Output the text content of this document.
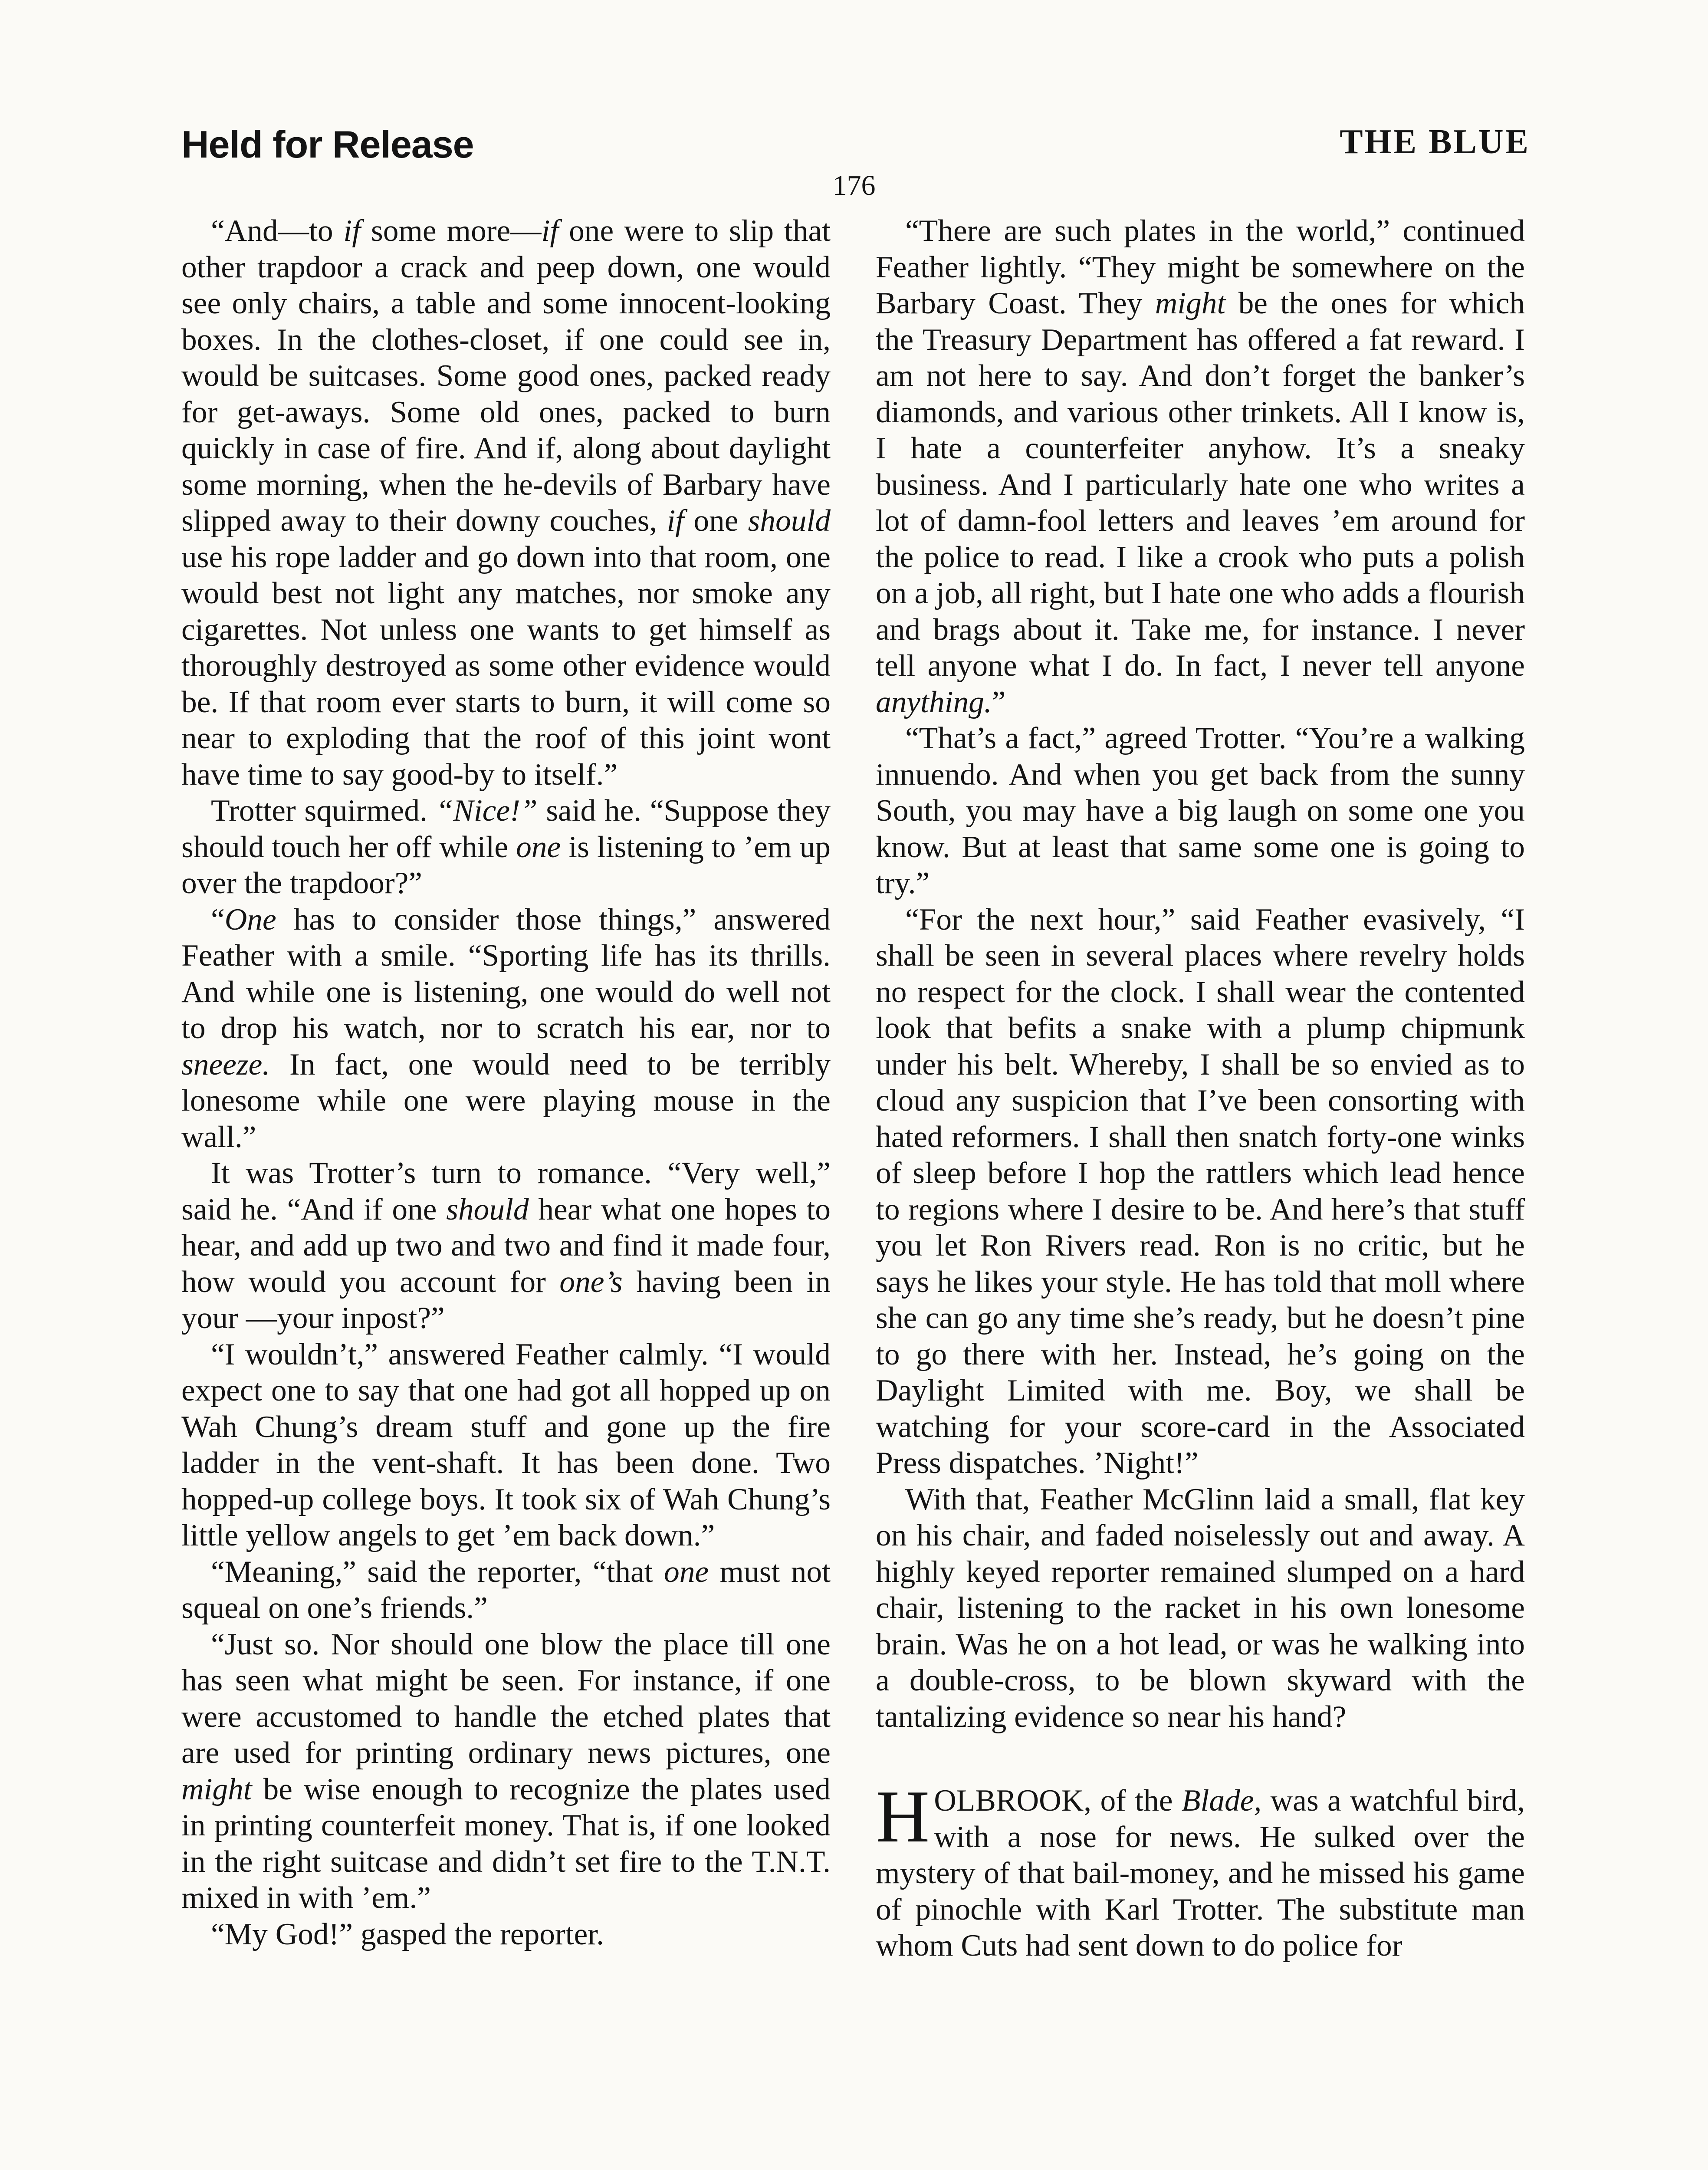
Held for Release	THE BLUE
176

“And—to if some more—if one were to slip that other trapdoor a crack and peep down, one would see only chairs, a table and some innocent-looking boxes. In the clothes-closet, if one could see in, would be suitcases. Some good ones, packed ready for get-aways. Some old ones, packed to burn quickly in case of fire. And if, along about daylight some morning, when the he-devils of Barbary have slipped away to their downy couches, if one should use his rope ladder and go down into that room, one would best not light any matches, nor smoke any cigarettes. Not unless one wants to get himself as thoroughly destroyed as some other evidence would be. If that room ever starts to burn, it will come so near to exploding that the roof of this joint wont have time to say good-by to itself.”

Trotter squirmed. “Nice!” said he. “Suppose they should touch her off while one is listening to ’em up over the trapdoor?”

“One has to consider those things,” answered Feather with a smile. “Sporting life has its thrills. And while one is listening, one would do well not to drop his watch, nor to scratch his ear, nor to sneeze. In fact, one would need to be terribly lonesome while one were playing mouse in the wall.”

It was Trotter’s turn to romance. “Very well,” said he. “And if one should hear what one hopes to hear, and add up two and two and find it made four, how would you account for one’s having been in your —your inpost?”

“I wouldn’t,” answered Feather calmly. “I would expect one to say that one had got all hopped up on Wah Chung’s dream stuff and gone up the fire ladder in the vent-shaft. It has been done. Two hopped-up college boys. It took six of Wah Chung’s little yellow angels to get ’em back down.”

“Meaning,” said the reporter, “that one must not squeal on one’s friends.”

“Just so. Nor should one blow the place till one has seen what might be seen. For instance, if one were accustomed to handle the etched plates that are used for printing ordinary news pictures, one might be wise enough to recognize the plates used in printing counterfeit money. That is, if one looked in the right suitcase and didn’t set fire to the T.N.T. mixed in with ’em.”

“My God!” gasped the reporter.

“There are such plates in the world,” continued Feather lightly. “They might be somewhere on the Barbary Coast. They might be the ones for which the Treasury Department has offered a fat reward. I am not here to say. And don’t forget the banker’s diamonds, and various other trinkets. All I know is, I hate a counterfeiter anyhow. It’s a sneaky business. And I particularly hate one who writes a lot of damn-fool letters and leaves ’em around for the police to read. I like a crook who puts a polish on a job, all right, but I hate one who adds a flourish and brags about it. Take me, for instance. I never tell anyone what I do. In fact, I never tell anyone anything.”

“That’s a fact,” agreed Trotter. “You’re a walking innuendo. And when you get back from the sunny South, you may have a big laugh on some one you know. But at least that same some one is going to try.”

“For the next hour,” said Feather evasively, “I shall be seen in several places where revelry holds no respect for the clock. I shall wear the contented look that befits a snake with a plump chipmunk under his belt. Whereby, I shall be so envied as to cloud any suspicion that I’ve been consorting with hated reformers. I shall then snatch forty-one winks of sleep before I hop the rattlers which lead hence to regions where I desire to be. And here’s that stuff you let Ron Rivers read. Ron is no critic, but he says he likes your style. He has told that moll where she can go any time she’s ready, but he doesn’t pine to go there with her. Instead, he’s going on the Daylight Limited with me. Boy, we shall be watching for your score-card in the Associated Press dispatches. ’Night!”

With that, Feather McGlinn laid a small, flat key on his chair, and faded noiselessly out and away. A highly keyed reporter remained slumped on a hard chair, listening to the racket in his own lonesome brain. Was he on a hot lead, or was he walking into a double-cross, to be blown skyward with the tantalizing evidence so near his hand?

HOLBROOK, of the Blade, was a watchful bird, with a nose for news. He sulked over the mystery of that bail-money, and he missed his game of pinochle with Karl Trotter. The substitute man whom Cuts had sent down to do police for
